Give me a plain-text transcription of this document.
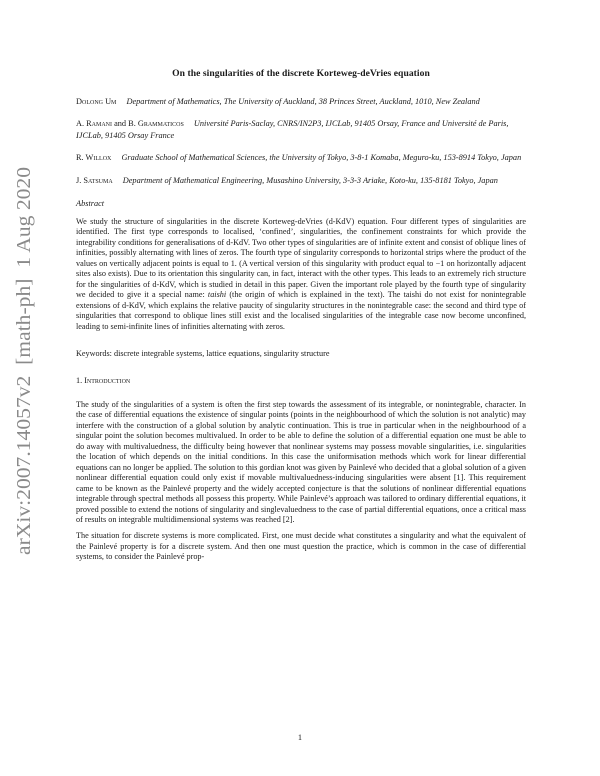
arXiv:2007.14057v2  [math-ph]  1 Aug 2020
On the singularities of the discrete Korteweg-deVries equation
Dolong Um Department of Mathematics, The University of Auckland, 38 Princes Street, Auckland, 1010, New Zealand
A. Ramani and B. Grammaticos Université Paris-Saclay, CNRS/IN2P3, IJCLab, 91405 Orsay, France and Université de Paris, IJCLab, 91405 Orsay France
R. Willox Graduate School of Mathematical Sciences, the University of Tokyo, 3-8-1 Komaba, Meguro-ku, 153-8914 Tokyo, Japan
J. Satsuma Department of Mathematical Engineering, Musashino University, 3-3-3 Ariake, Koto-ku, 135-8181 Tokyo, Japan
Abstract

We study the structure of singularities in the discrete Korteweg-deVries (d-KdV) equation. Four different types of singularities are identified. The first type corresponds to localised, ‘confined’, singularities, the confinement constraints for which provide the integrability conditions for generalisations of d-KdV. Two other types of singularities are of infinite extent and consist of oblique lines of infinities, possibly alternating with lines of zeros. The fourth type of singularity corresponds to horizontal strips where the product of the values on vertically adjacent points is equal to 1. (A vertical version of this singularity with product equal to −1 on horizontally adjacent sites also exists). Due to its orientation this singularity can, in fact, interact with the other types. This leads to an extremely rich structure for the singularities of d-KdV, which is studied in detail in this paper. Given the important role played by the fourth type of singularity we decided to give it a special name: taishi (the origin of which is explained in the text). The taishi do not exist for nonintegrable extensions of d-KdV, which explains the relative paucity of singularity structures in the nonintegrable case: the second and third type of singularities that correspond to oblique lines still exist and the localised singularities of the integrable case now become unconfined, leading to semi-infinite lines of infinities alternating with zeros.

Keywords: discrete integrable systems, lattice equations, singularity structure
1. Introduction

The study of the singularities of a system is often the first step towards the assessment of its integrable, or nonintegrable, character. In the case of differential equations the existence of singular points (points in the neighbourhood of which the solution is not analytic) may interfere with the construction of a global solution by analytic continuation. This is true in particular when in the neighbourhood of a singular point the solution becomes multivalued. In order to be able to define the solution of a differential equation one must be able to do away with multivaluedness, the difficulty being however that nonlinear systems may possess movable singularities, i.e. singularities the location of which depends on the initial conditions. In this case the uniformisation methods which work for linear differential equations can no longer be applied. The solution to this gordian knot was given by Painlevé who decided that a global solution of a given nonlinear differential equation could only exist if movable multivaluedness-inducing singularities were absent [1]. This requirement came to be known as the Painlevé property and the widely accepted conjecture is that the solutions of nonlinear differential equations integrable through spectral methods all possess this property. While Painlevé’s approach was tailored to ordinary differential equations, it proved possible to extend the notions of singularity and singlevaluedness to the case of partial differential equations, once a critical mass of results on integrable multidimensional systems was reached [2].

The situation for discrete systems is more complicated. First, one must decide what constitutes a singularity and what the equivalent of the Painlevé property is for a discrete system. And then one must question the practice, which is common in the case of differential systems, to consider the Painlevé prop-

1
